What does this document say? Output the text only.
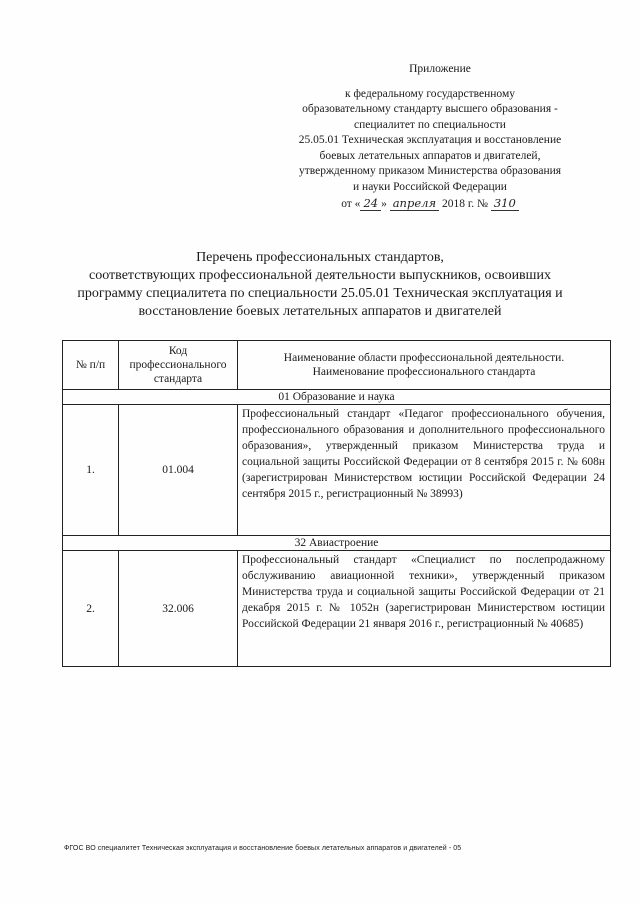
Приложение
к федеральному государственному
образовательному стандарту высшего образования -
специалитет по специальности
25.05.01 Техническая эксплуатация и восстановление
боевых летательных аппаратов и двигателей,
утвержденному приказом Министерства образования
и науки Российской Федерации
от « 24 » апреля 2018 г. № 310
Перечень профессиональных стандартов,
соответствующих профессиональной деятельности выпускников, освоивших
программу специалитета по специальности 25.05.01 Техническая эксплуатация и
восстановление боевых летательных аппаратов и двигателей
№ п/п	Код профессионального стандарта	Наименование области профессиональной деятельности. Наименование профессионального стандарта
01 Образование и наука		
1.	01.004	Профессиональный стандарт «Педагог профессионального обучения, профессионального образования и дополнительного профессионального образования», утвержденный приказом Министерства труда и социальной защиты Российской Федерации от 8 сентября 2015 г. № 608н (зарегистрирован Министерством юстиции Российской Федерации 24 сентября 2015 г., регистрационный № 38993)
32 Авиастроение		
2.	32.006	Профессиональный стандарт «Специалист по послепродажному обслуживанию авиационной техники», утвержденный приказом Министерства труда и социальной защиты Российской Федерации от 21 декабря 2015 г. № 1052н (зарегистрирован Министерством юстиции Российской Федерации 21 января 2016 г., регистрационный № 40685)
ФГОС ВО специалитет Техническая эксплуатация и восстановление боевых летательных аппаратов и двигателей - 05
